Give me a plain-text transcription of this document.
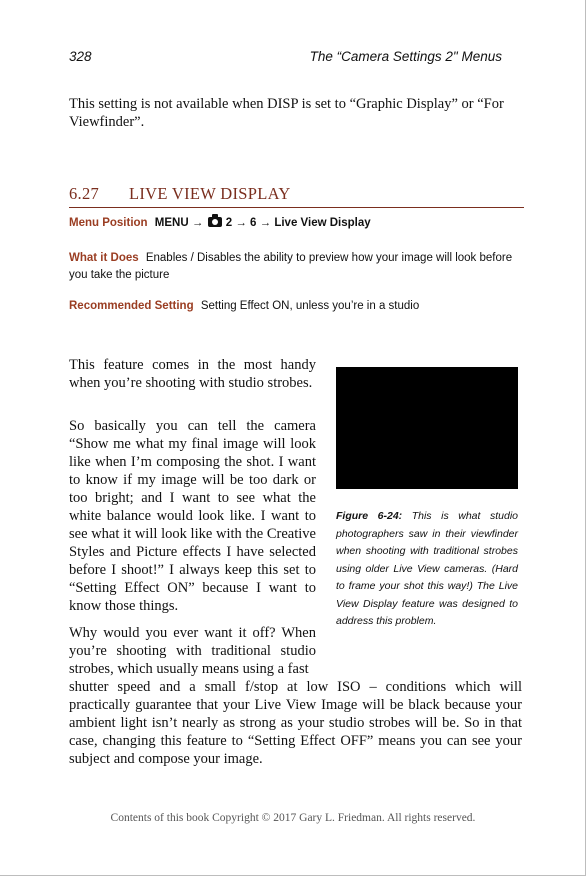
328	The “Camera Settings 2" Menus
This setting is not available when DISP is set to “Graphic Display” or “For Viewfinder”.
6.27 LIVE VIEW DISPLAY
Menu Position MENU → 2 → 6 → Live View Display
What it Does Enables / Disables the ability to preview how your image will look before you take the picture
Recommended Setting Setting Effect ON, unless you’re in a studio

This feature comes in the most handy when you’re shooting with studio strobes.

So basically you can tell the camera “Show me what my final image will look like when I’m composing the shot. I want to know if my image will be too dark or too bright; and I want to see what the white balance would look like. I want to see what it will look like with the Creative Styles and Picture effects I have selected before I shoot!” I always keep this set to “Setting Effect ON” because I want to know those things.

Why would you ever want it off? When you’re shooting with traditional studio strobes, which usually means using a fast

shutter speed and a small f/stop at low ISO – conditions which will practically guarantee that your Live View Image will be black because your ambient light isn’t nearly as strong as your studio strobes will be. So in that case, changing this feature to “Setting Effect OFF” means you can see your subject and compose your image.
Figure 6-24: This is what studio photographers saw in their viewfinder when shooting with traditional strobes using older Live View cameras. (Hard to frame your shot this way!) The Live View Display feature was designed to address this problem.
Contents of this book Copyright © 2017 Gary L. Friedman. All rights reserved.
